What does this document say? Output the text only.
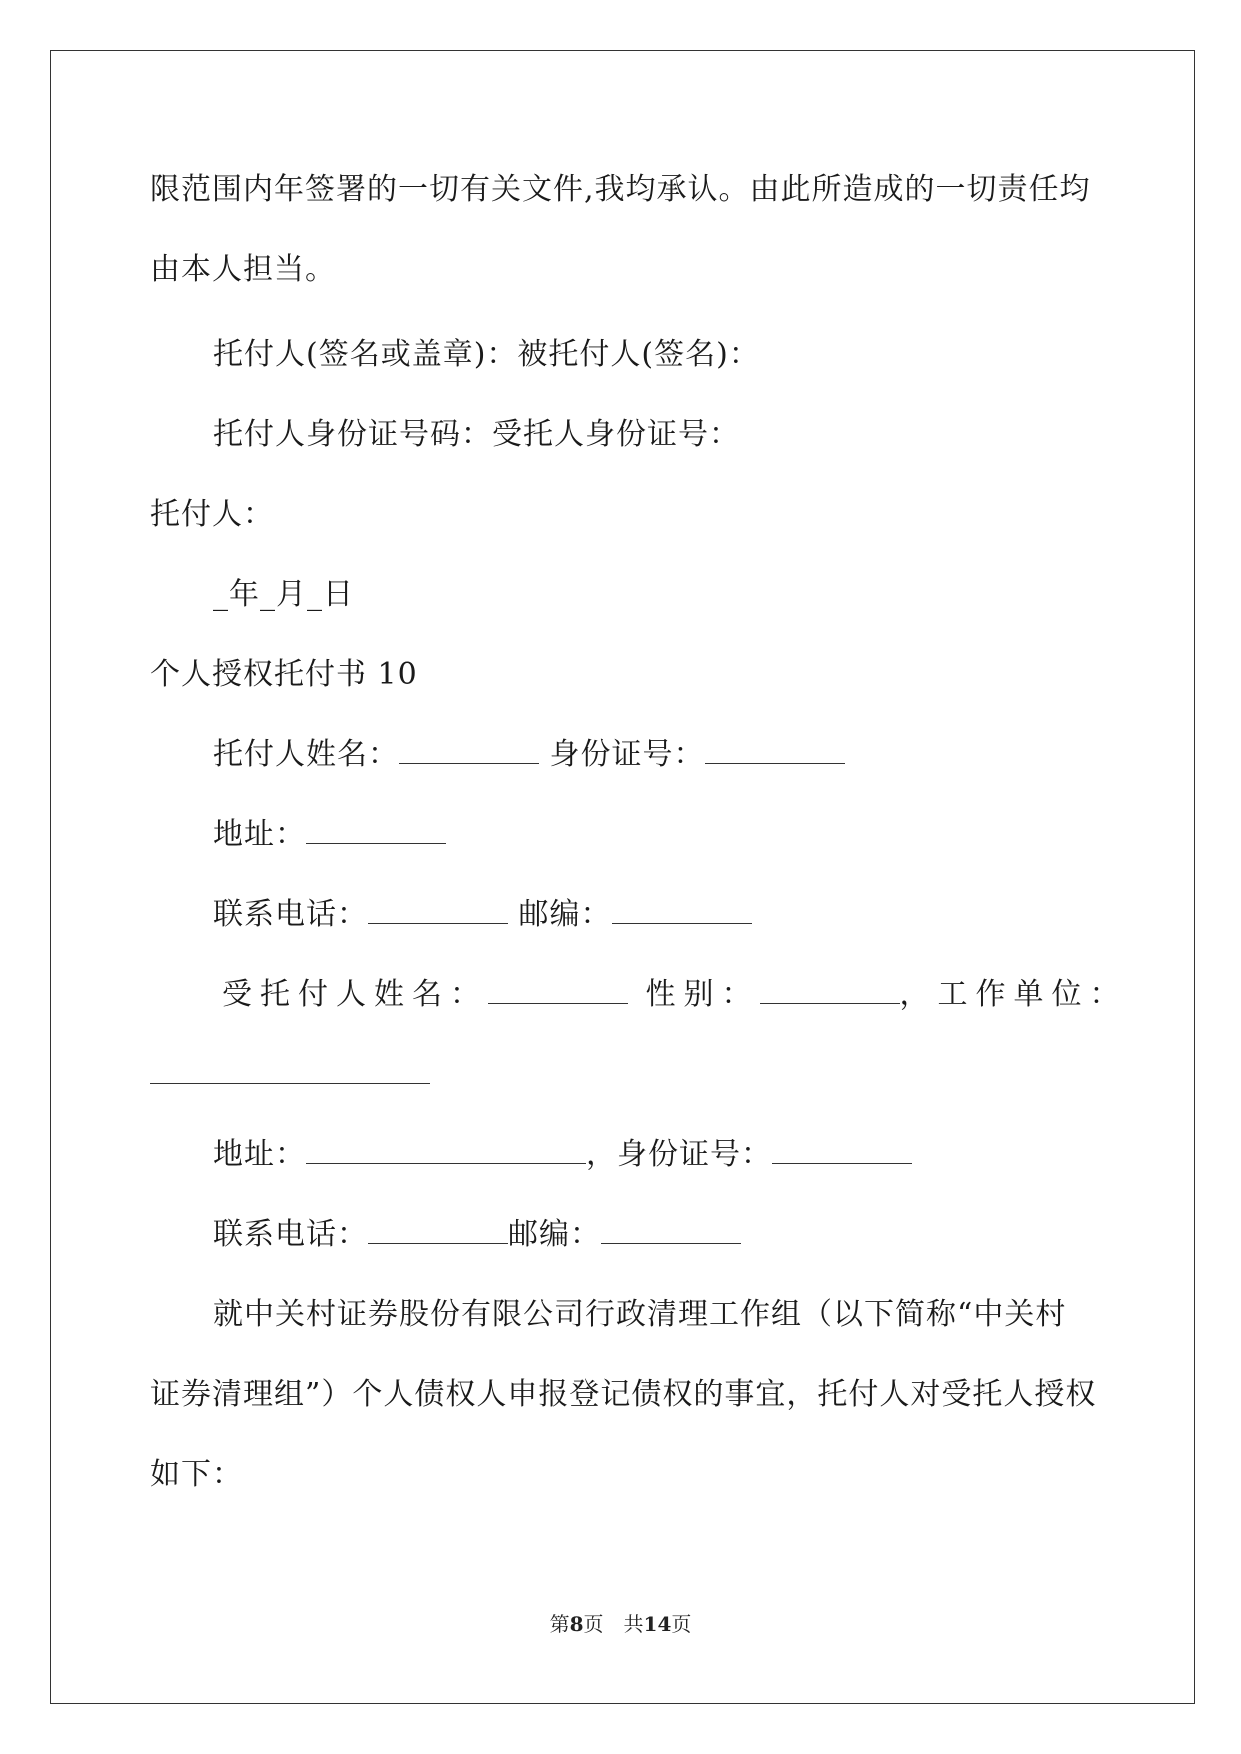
限范围内年签署的一切有关文件,我均承认。由此所造成的一切责任均
由本人担当。
托付人(签名或盖章)：被托付人(签名)：
托付人身份证号码：受托人身份证号：
托付人：
_年_月_日
个人授权托付书 10
托付人姓名：	身份证号：
地址：
联系电话：	邮编：
受托付人姓名：	性别：	，工作单位：
地址：	，身份证号：
联系电话：	邮编：
就中关村证券股份有限公司行政清理工作组（以下简称“中关村
证券清理组”）个人债权人申报登记债权的事宜，托付人对受托人授权
如下：
第8页　共14页
